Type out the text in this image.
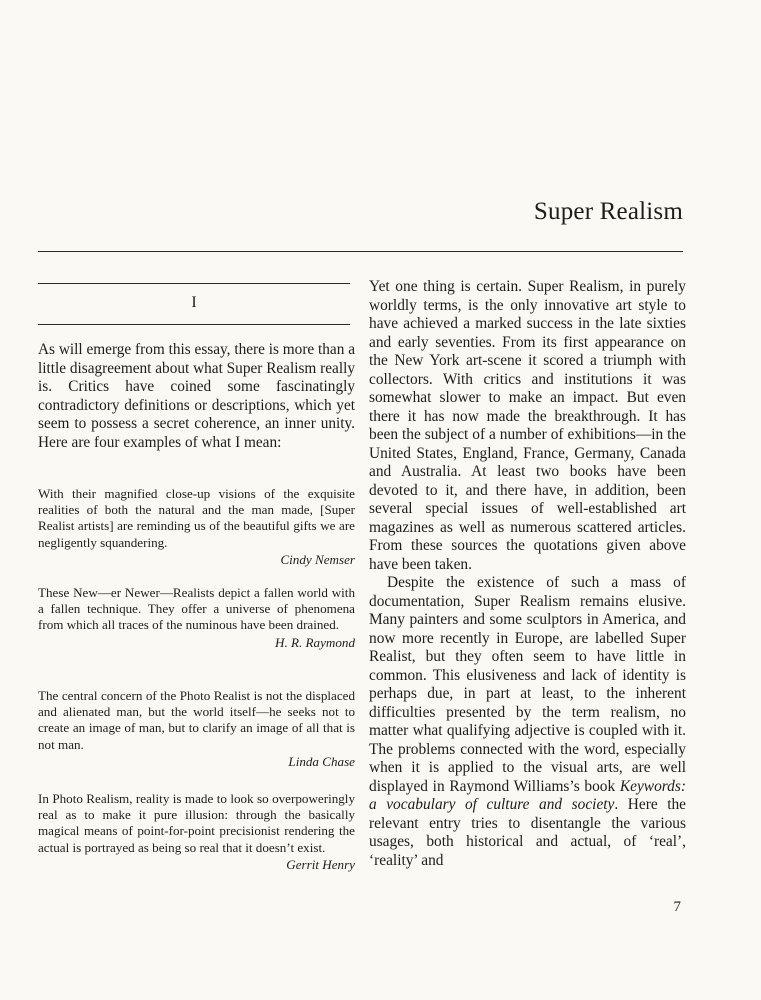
Super Realism
I

As will emerge from this essay, there is more than a little disagreement about what Super Realism really is. Critics have coined some fascinatingly contradictory definitions or descriptions, which yet seem to possess a secret coherence, an inner unity. Here are four examples of what I mean:

With their magnified close-up visions of the exquisite realities of both the natural and the man made, [Super Realist artists] are reminding us of the beautiful gifts we are negligently squandering.

Cindy Nemser

These New—er Newer—Realists depict a fallen world with a fallen technique. They offer a universe of phenomena from which all traces of the numinous have been drained.

H. R. Raymond

The central concern of the Photo Realist is not the displaced and alienated man, but the world itself—he seeks not to create an image of man, but to clarify an image of all that is not man.

Linda Chase

In Photo Realism, reality is made to look so overpoweringly real as to make it pure illusion: through the basically magical means of point-for-point precisionist rendering the actual is portrayed as being so real that it doesn’t exist.

Gerrit Henry

Yet one thing is certain. Super Realism, in purely worldly terms, is the only innovative art style to have achieved a marked success in the late sixties and early seventies. From its first appearance on the New York art-scene it scored a triumph with collectors. With critics and institutions it was somewhat slower to make an impact. But even there it has now made the breakthrough. It has been the subject of a number of exhibitions—in the United States, England, France, Germany, Canada and Australia. At least two books have been devoted to it, and there have, in addition, been several special issues of well-established art magazines as well as numerous scattered articles. From these sources the quotations given above have been taken.

Despite the existence of such a mass of documentation, Super Realism remains elusive. Many painters and some sculptors in America, and now more recently in Europe, are labelled Super Realist, but they often seem to have little in common. This elusiveness and lack of identity is perhaps due, in part at least, to the inherent difficulties presented by the term realism, no matter what qualifying adjective is coupled with it. The problems connected with the word, especially when it is applied to the visual arts, are well displayed in Raymond Williams’s book Keywords: a vocabulary of culture and society. Here the relevant entry tries to disentangle the various usages, both historical and actual, of ‘real’, ‘reality’ and

7
